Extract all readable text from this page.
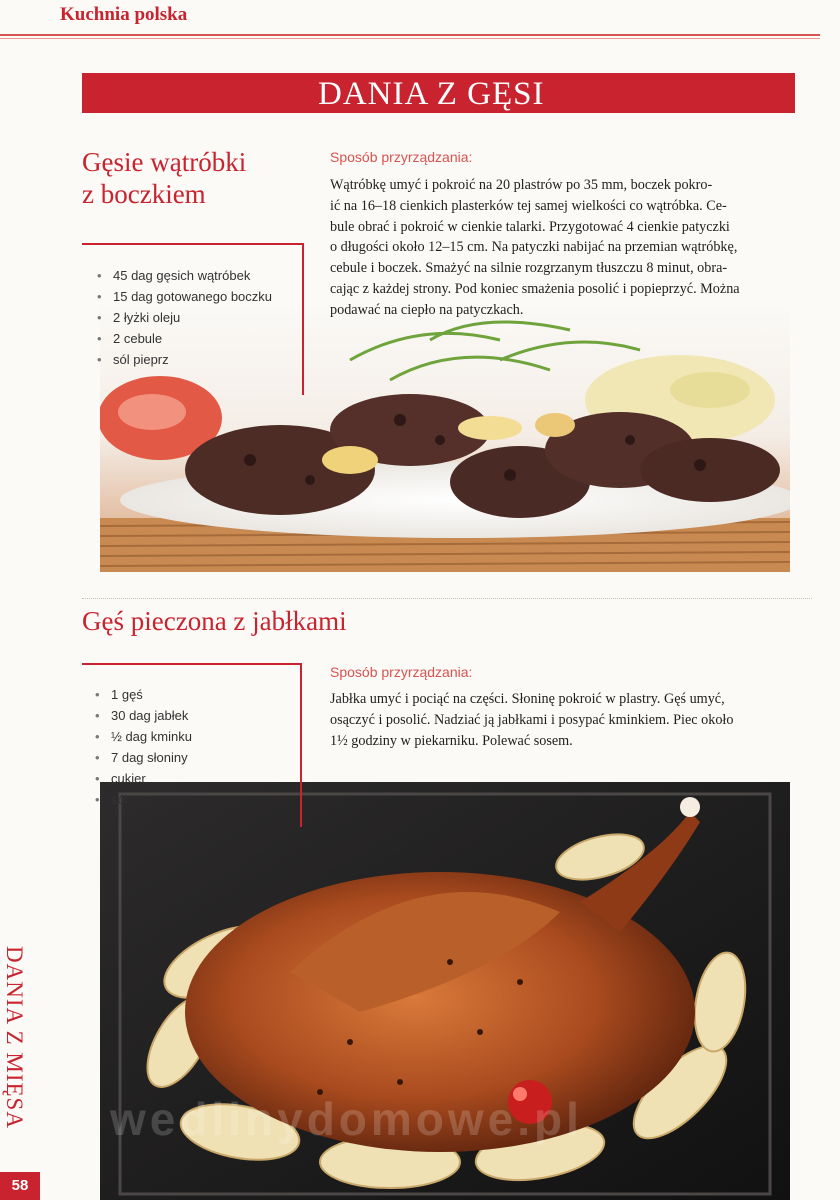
Kuchnia polska
DANIA Z GĘSI
Gęsie wątróbki
z boczkiem
Sposób przyrządzania:
• 45 dag gęsich wątróbek
• 15 dag gotowanego boczku
• 2 łyżki oleju
• 2 cebule
• sól pieprz
Wątróbkę umyć i pokroić na 20 plastrów po 35 mm, boczek pokro-
ić na 16–18 cienkich plasterków tej samej wielkości co wątróbka. Ce-
bule obrać i pokroić w cienkie talarki. Przygotować 4 cienkie patyczki
o długości około 12–15 cm. Na patyczki nabijać na przemian wątróbkę,
cebule i boczek. Smażyć na silnie rozgrzanym tłuszczu 8 minut, obra-
cając z każdej strony. Pod koniec smażenia posolić i popieprzyć. Można
podawać na ciepło na patyczkach.
Gęś pieczona z jabłkami
Sposób przyrządzania:
Jabłka umyć i pociąć na części. Słoninę pokroić w plastry. Gęś umyć,
osączyć i posolić. Nadziać ją jabłkami i posypać kminkiem. Piec około
1½ godziny w piekarniku. Polewać sosem.
• 1 gęś
• 30 dag jabłek
• ½ dag kminku
• 7 dag słoniny
• cukier
• sól
wedlinydomowe.pl
DANIA Z MIĘSA
58
